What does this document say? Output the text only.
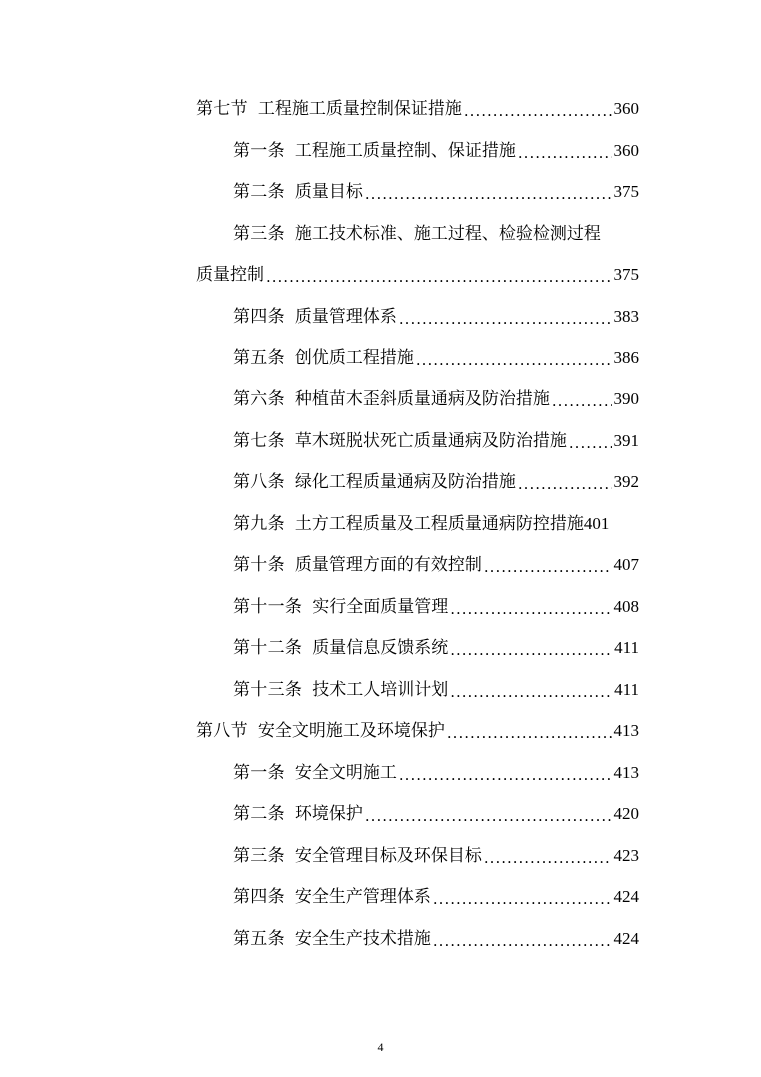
第七节 工程施工质量控制保证措施 .....	360
第一条 工程施工质量控制、保证措施 .....	360
第二条 质量目标 .....	375
第三条 施工技术标准、施工过程、检验检测过程
质量控制 .....	375
第四条 质量管理体系 .....	383
第五条 创优质工程措施 .....	386
第六条 种植苗木歪斜质量通病及防治措施 .....	390
第七条 草木斑脱状死亡质量通病及防治措施 .....	391
第八条 绿化工程质量通病及防治措施 .....	392
第九条 土方工程质量及工程质量通病防控措施 401
第十条 质量管理方面的有效控制 .....	407
第十一条 实行全面质量管理 .....	408
第十二条 质量信息反馈系统 .....	411
第十三条 技术工人培训计划 .....	411
第八节 安全文明施工及环境保护 .....	413
第一条 安全文明施工 .....	413
第二条 环境保护 .....	420
第三条 安全管理目标及环保目标 .....	423
第四条 安全生产管理体系 .....	424
第五条 安全生产技术措施 .....	424
4
